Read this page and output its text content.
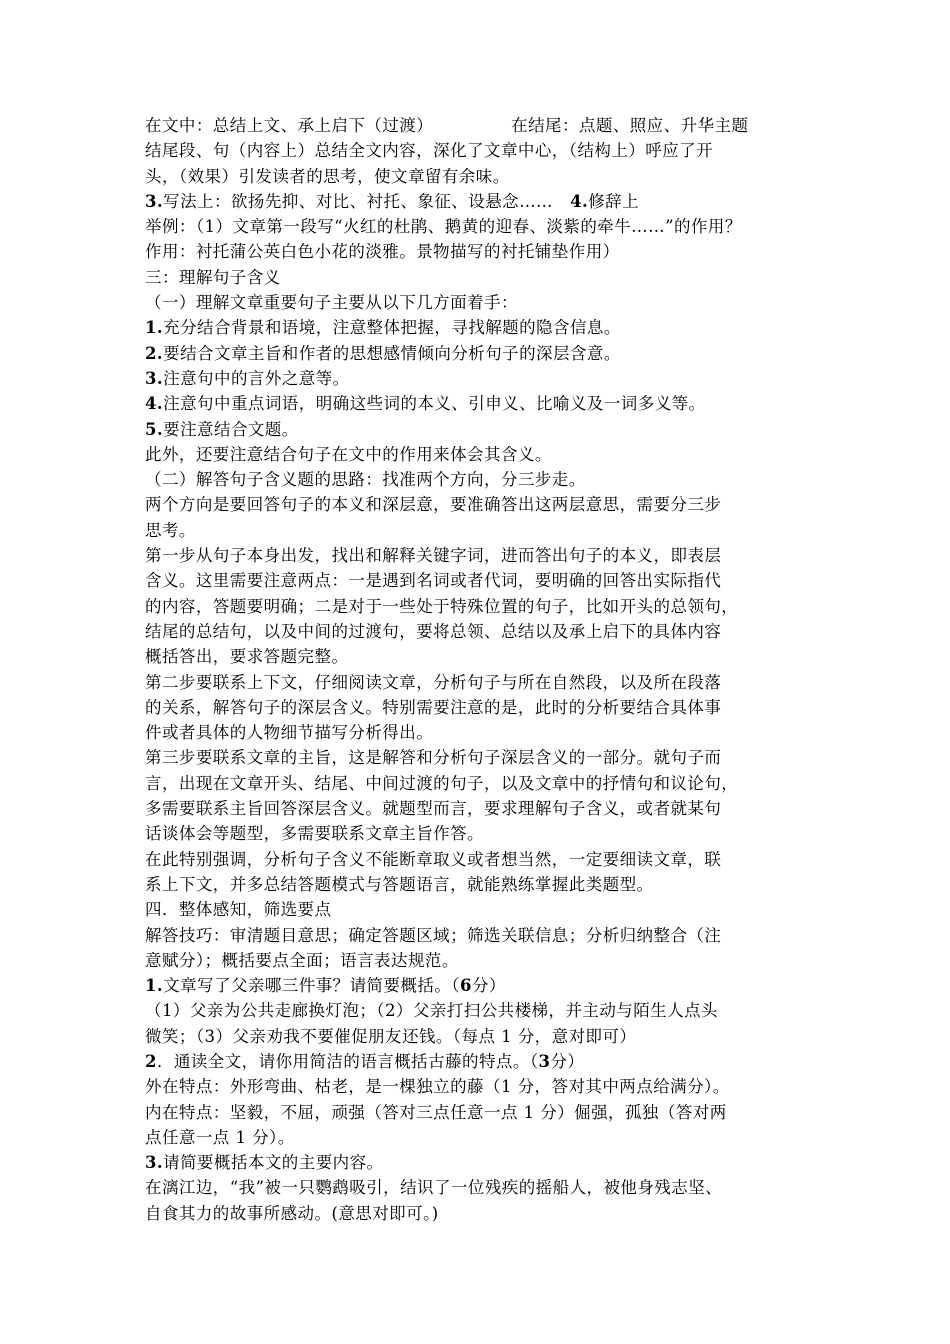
在文中：总结上文、承上启下（过渡）	在结尾：点题、照应、升华主题
结尾段、句（内容上）总结全文内容，深化了文章中心，（结构上）呼应了开
头，（效果）引发读者的思考，使文章留有余味。
3.写法上：欲扬先抑、对比、衬托、象征、设悬念…… 4.修辞上
举例：（1）文章第一段写“火红的杜鹃、鹅黄的迎春、淡紫的牵牛……”的作用？
作用：衬托蒲公英白色小花的淡雅。景物描写的衬托铺垫作用）
三：理解句子含义
（一）理解文章重要句子主要从以下几方面着手：
1.充分结合背景和语境，注意整体把握，寻找解题的隐含信息。
2.要结合文章主旨和作者的思想感情倾向分析句子的深层含意。
3.注意句中的言外之意等。
4.注意句中重点词语，明确这些词的本义、引申义、比喻义及一词多义等。
5.要注意结合文题。
此外，还要注意结合句子在文中的作用来体会其含义。
（二）解答句子含义题的思路：找准两个方向，分三步走。
两个方向是要回答句子的本义和深层意，要准确答出这两层意思，需要分三步
思考。
第一步从句子本身出发，找出和解释关键字词，进而答出句子的本义，即表层
含义。这里需要注意两点：一是遇到名词或者代词，要明确的回答出实际指代
的内容，答题要明确；二是对于一些处于特殊位置的句子，比如开头的总领句，
结尾的总结句，以及中间的过渡句，要将总领、总结以及承上启下的具体内容
概括答出，要求答题完整。
第二步要联系上下文，仔细阅读文章，分析句子与所在自然段，以及所在段落
的关系，解答句子的深层含义。特别需要注意的是，此时的分析要结合具体事
件或者具体的人物细节描写分析得出。
第三步要联系文章的主旨，这是解答和分析句子深层含义的一部分。就句子而
言，出现在文章开头、结尾、中间过渡的句子，以及文章中的抒情句和议论句，
多需要联系主旨回答深层含义。就题型而言，要求理解句子含义，或者就某句
话谈体会等题型，多需要联系文章主旨作答。
在此特别强调，分析句子含义不能断章取义或者想当然，一定要细读文章，联
系上下文，并多总结答题模式与答题语言，就能熟练掌握此类题型。
四．整体感知，筛选要点
解答技巧：审清题目意思；确定答题区域；筛选关联信息；分析归纳整合（注
意赋分）；概括要点全面；语言表达规范。
1.文章写了父亲哪三件事？请简要概括。（6分）
（1）父亲为公共走廊换灯泡；（2）父亲打扫公共楼梯，并主动与陌生人点头
微笑；（3）父亲劝我不要催促朋友还钱。（每点 1 分，意对即可）
2．通读全文，请你用简洁的语言概括古藤的特点。（3分）
外在特点：外形弯曲、枯老，是一棵独立的藤（1 分，答对其中两点给满分）。
内在特点：坚毅，不屈，顽强（答对三点任意一点 1 分）倔强，孤独（答对两
点任意一点 1 分）。
3.请简要概括本文的主要内容。
在漓江边，“我”被一只鹦鹉吸引，结识了一位残疾的摇船人，被他身残志坚、
自食其力的故事所感动。(意思对即可。)
